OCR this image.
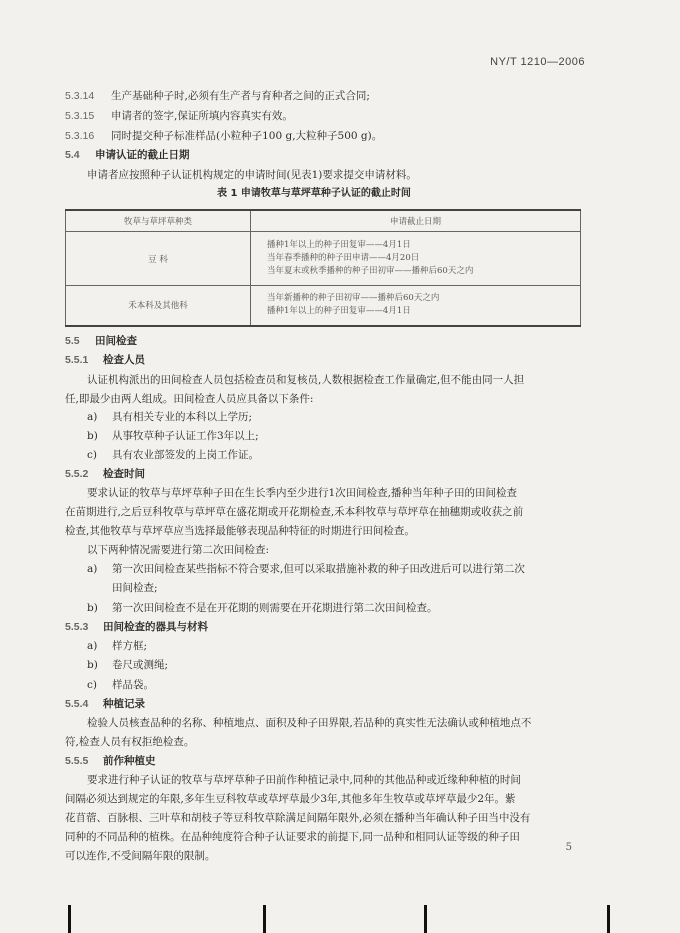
NY/T 1210—2006
5.3.14 生产基础种子时,必须有生产者与育种者之间的正式合同;
5.3.15 申请者的签字,保证所填内容真实有效。
5.3.16 同时提交种子标准样品(小粒种子100 g,大粒种子500 g)。
5.4 申请认证的截止日期
申请者应按照种子认证机构规定的申请时间(见表1)要求提交申请材料。
表 1 申请牧草与草坪草种子认证的截止时间
牧草与草坪草种类	申请截止日期
豆 科	播种1年以上的种子田复审——4月1日
当年春季播种的种子田申请——4月20日
当年夏末或秋季播种的种子田初审——播种后60天之内

禾本科及其他科	当年新播种的种子田初审——播种后60天之内
播种1年以上的种子田复审——4月1日
5.5 田间检查
5.5.1 检查人员
认证机构派出的田间检查人员包括检查员和复核员,人数根据检查工作量确定,但不能由同一人担
任,即最少由两人组成。田间检查人员应具备以下条件:
a) 具有相关专业的本科以上学历;
b) 从事牧草种子认证工作3年以上;
c) 具有农业部签发的上岗工作证。
5.5.2 检查时间
要求认证的牧草与草坪草种子田在生长季内至少进行1次田间检查,播种当年种子田的田间检查
在苗期进行,之后豆科牧草与草坪草在盛花期或开花期检查,禾本科牧草与草坪草在抽穗期或收获之前
检查,其他牧草与草坪草应当选择最能够表现品种特征的时期进行田间检查。
以下两种情况需要进行第二次田间检查:
a) 第一次田间检查某些指标不符合要求,但可以采取措施补救的种子田改进后可以进行第二次
田间检查;
b) 第一次田间检查不是在开花期的则需要在开花期进行第二次田间检查。
5.5.3 田间检查的器具与材料
a) 样方框;
b) 卷尺或测绳;
c) 样品袋。
5.5.4 种植记录
检验人员核查品种的名称、种植地点、面积及种子田界限,若品种的真实性无法确认或种植地点不
符,检查人员有权拒绝检查。
5.5.5 前作种植史
要求进行种子认证的牧草与草坪草种子田前作种植记录中,同种的其他品种或近缘种种植的时间
间隔必须达到规定的年限,多年生豆科牧草或草坪草最少3年,其他多年生牧草或草坪草最少2年。紫
花苜蓿、百脉根、三叶草和胡枝子等豆科牧草除满足间隔年限外,必须在播种当年确认种子田当中没有
同种的不同品种的植株。在品种纯度符合种子认证要求的前提下,同一品种和相同认证等级的种子田
可以连作,不受间隔年限的限制。
5
